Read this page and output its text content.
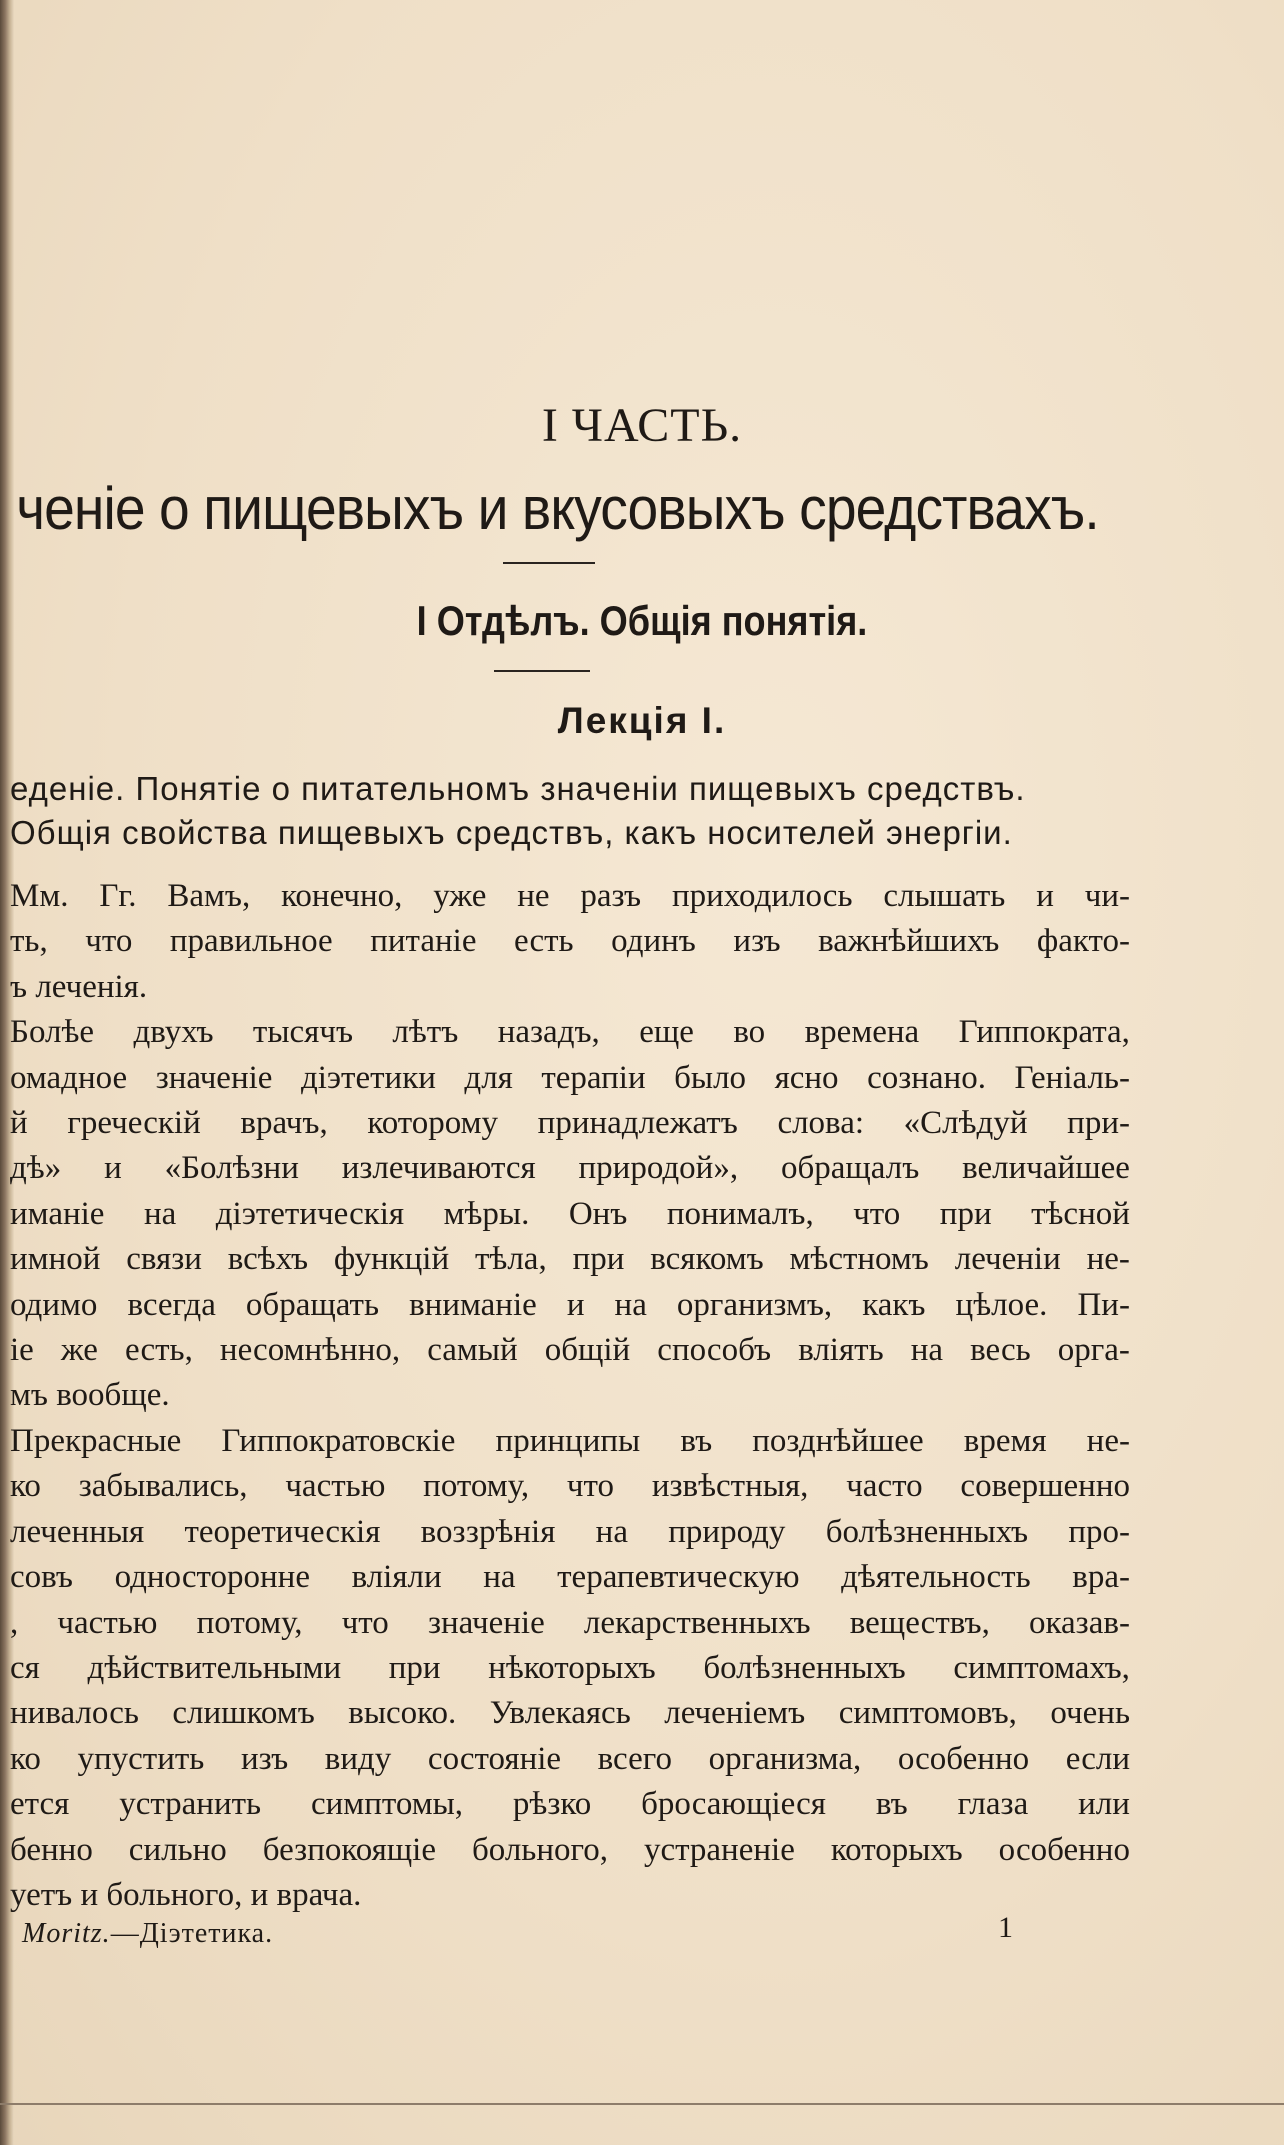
I ЧАСТЬ.
ченіе о пищевыхъ и вкусовыхъ средствахъ.
I Отдѣлъ. Общія понятія.
Лекція I.
еденіе. Понятіе о питательномъ значеніи пищевыхъ средствъ.
Общія свойства пищевыхъ средствъ, какъ носителей энергіи.
Мм. Гг. Вамъ, конечно, уже не разъ приходилось слышать и чи-
ть, что правильное питаніе есть одинъ изъ важнѣйшихъ факто-
ъ леченія.
Болѣе двухъ тысячъ лѣтъ назадъ, еще во времена Гиппократа,
омадное значеніе діэтетики для терапіи было ясно сознано. Геніаль-
й греческій врачъ, которому принадлежатъ слова: «Слѣдуй при-
дѣ» и «Болѣзни излечиваются природой», обращалъ величайшее
иманіе на діэтетическія мѣры. Онъ понималъ, что при тѣсной
имной связи всѣхъ функцій тѣла, при всякомъ мѣстномъ леченіи не-
одимо всегда обращать вниманіе и на организмъ, какъ цѣлое. Пи-
іе же есть, несомнѣнно, самый общій способъ вліять на весь орга-
мъ вообще.
Прекрасные Гиппократовскіе принципы въ позднѣйшее время не-
ко забывались, частью потому, что извѣстныя, часто совершенно
леченныя теоретическія воззрѣнія на природу болѣзненныхъ про-
совъ односторонне вліяли на терапевтическую дѣятельность вра-
, частью потому, что значеніе лекарственныхъ веществъ, оказав-
ся дѣйствительными при нѣкоторыхъ болѣзненныхъ симптомахъ,
нивалось слишкомъ высоко. Увлекаясь леченіемъ симптомовъ, очень
ко упустить изъ виду состояніе всего организма, особенно если
ется устранить симптомы, рѣзко бросающіеся въ глаза или
бенно сильно безпокоящіе больного, устраненіе которыхъ особенно
уетъ и больного, и врача.
Moritz.—Діэтетика.	1
